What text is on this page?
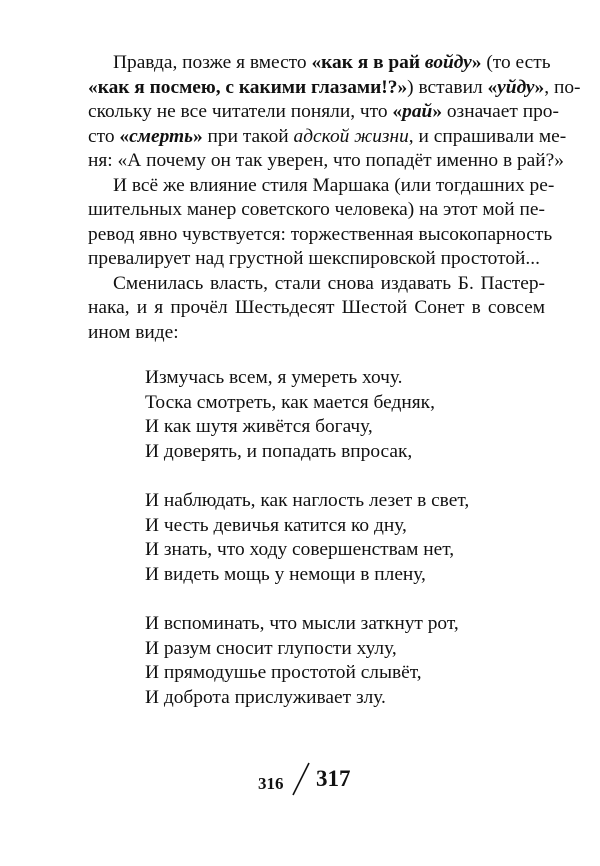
Правда, позже я вместо «как я в рай войду» (то есть
«как я посмею, с какими глазами!?») вставил «уйду», по-
скольку не все читатели поняли, что «рай» означает про-
сто «смерть» при такой адской жизни, и спрашивали ме-
ня: «А почему он так уверен, что попадёт именно в рай?»
И всё же влияние стиля Маршака (или тогдашних ре-
шительных манер советского человека) на этот мой пе-
ревод явно чувствуется: торжественная высокопарность
превалирует над грустной шекспировской простотой...
Сменилась власть, стали снова издавать Б. Пастер-
нака, и я прочёл Шестьдесят Шестой Сонет в совсем
ином виде:
Измучась всем, я умереть хочу.
Тоска смотреть, как мается бедняк,
И как шутя живётся богачу,
И доверять, и попадать впросак,
И наблюдать, как наглость лезет в свет,
И честь девичья катится ко дну,
И знать, что ходу совершенствам нет,
И видеть мощь у немощи в плену,
И вспоминать, что мысли заткнут рот,
И разум сносит глупости хулу,
И прямодушье простотой слывёт,
И доброта прислуживает злу.
316 317
